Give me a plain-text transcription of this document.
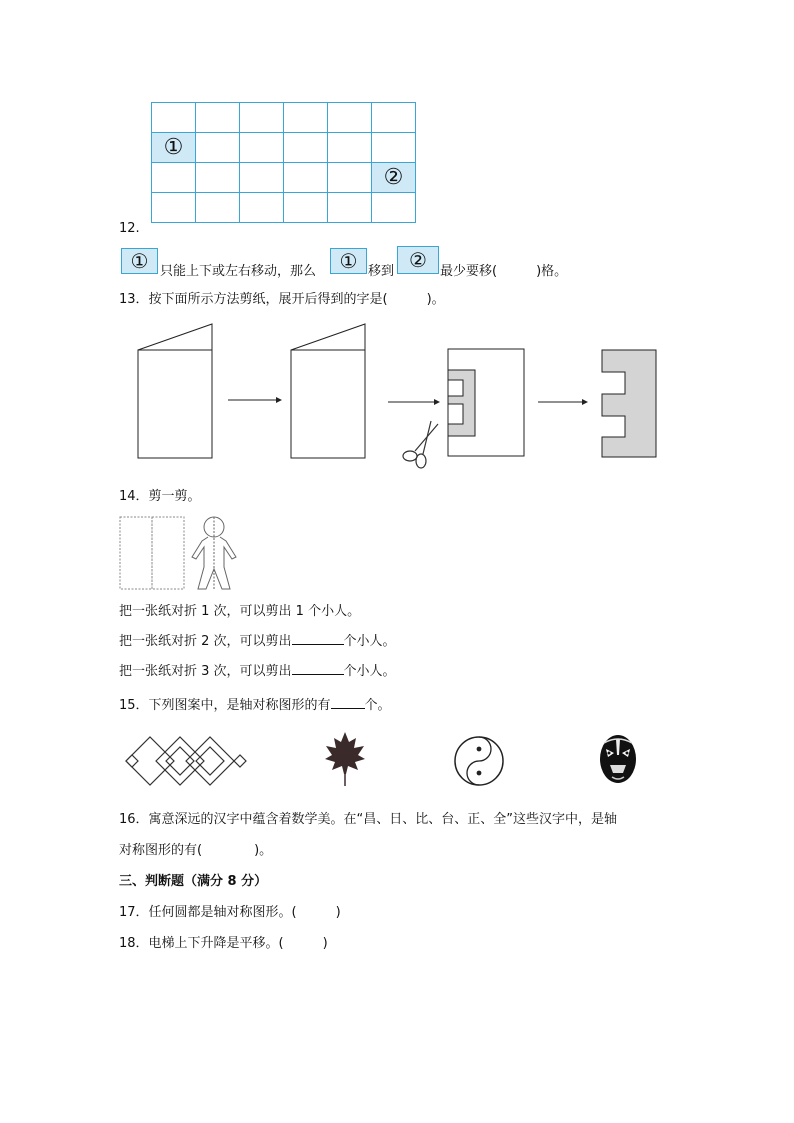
①					
					②

12.
① 只能上下或左右移动，那么	① 移到 ②	最少要移(　　　)格。
13．按下面所示方法剪纸，展开后得到的字是(　　　)。
14．剪一剪。
把一张纸对折 1 次，可以剪出 1 个小人。
把一张纸对折 2 次，可以剪出	个小人。
把一张纸对折 3 次，可以剪出	个小人。
15．下列图案中，是轴对称图形的有	个。
16．寓意深远的汉字中蕴含着数学美。在“昌、日、比、台、正、全”这些汉字中，是轴
对称图形的有(　　　　)。
三、判断题（满分 8 分）
17．任何圆都是轴对称图形。(　　　)
18．电梯上下升降是平移。(　　　)
